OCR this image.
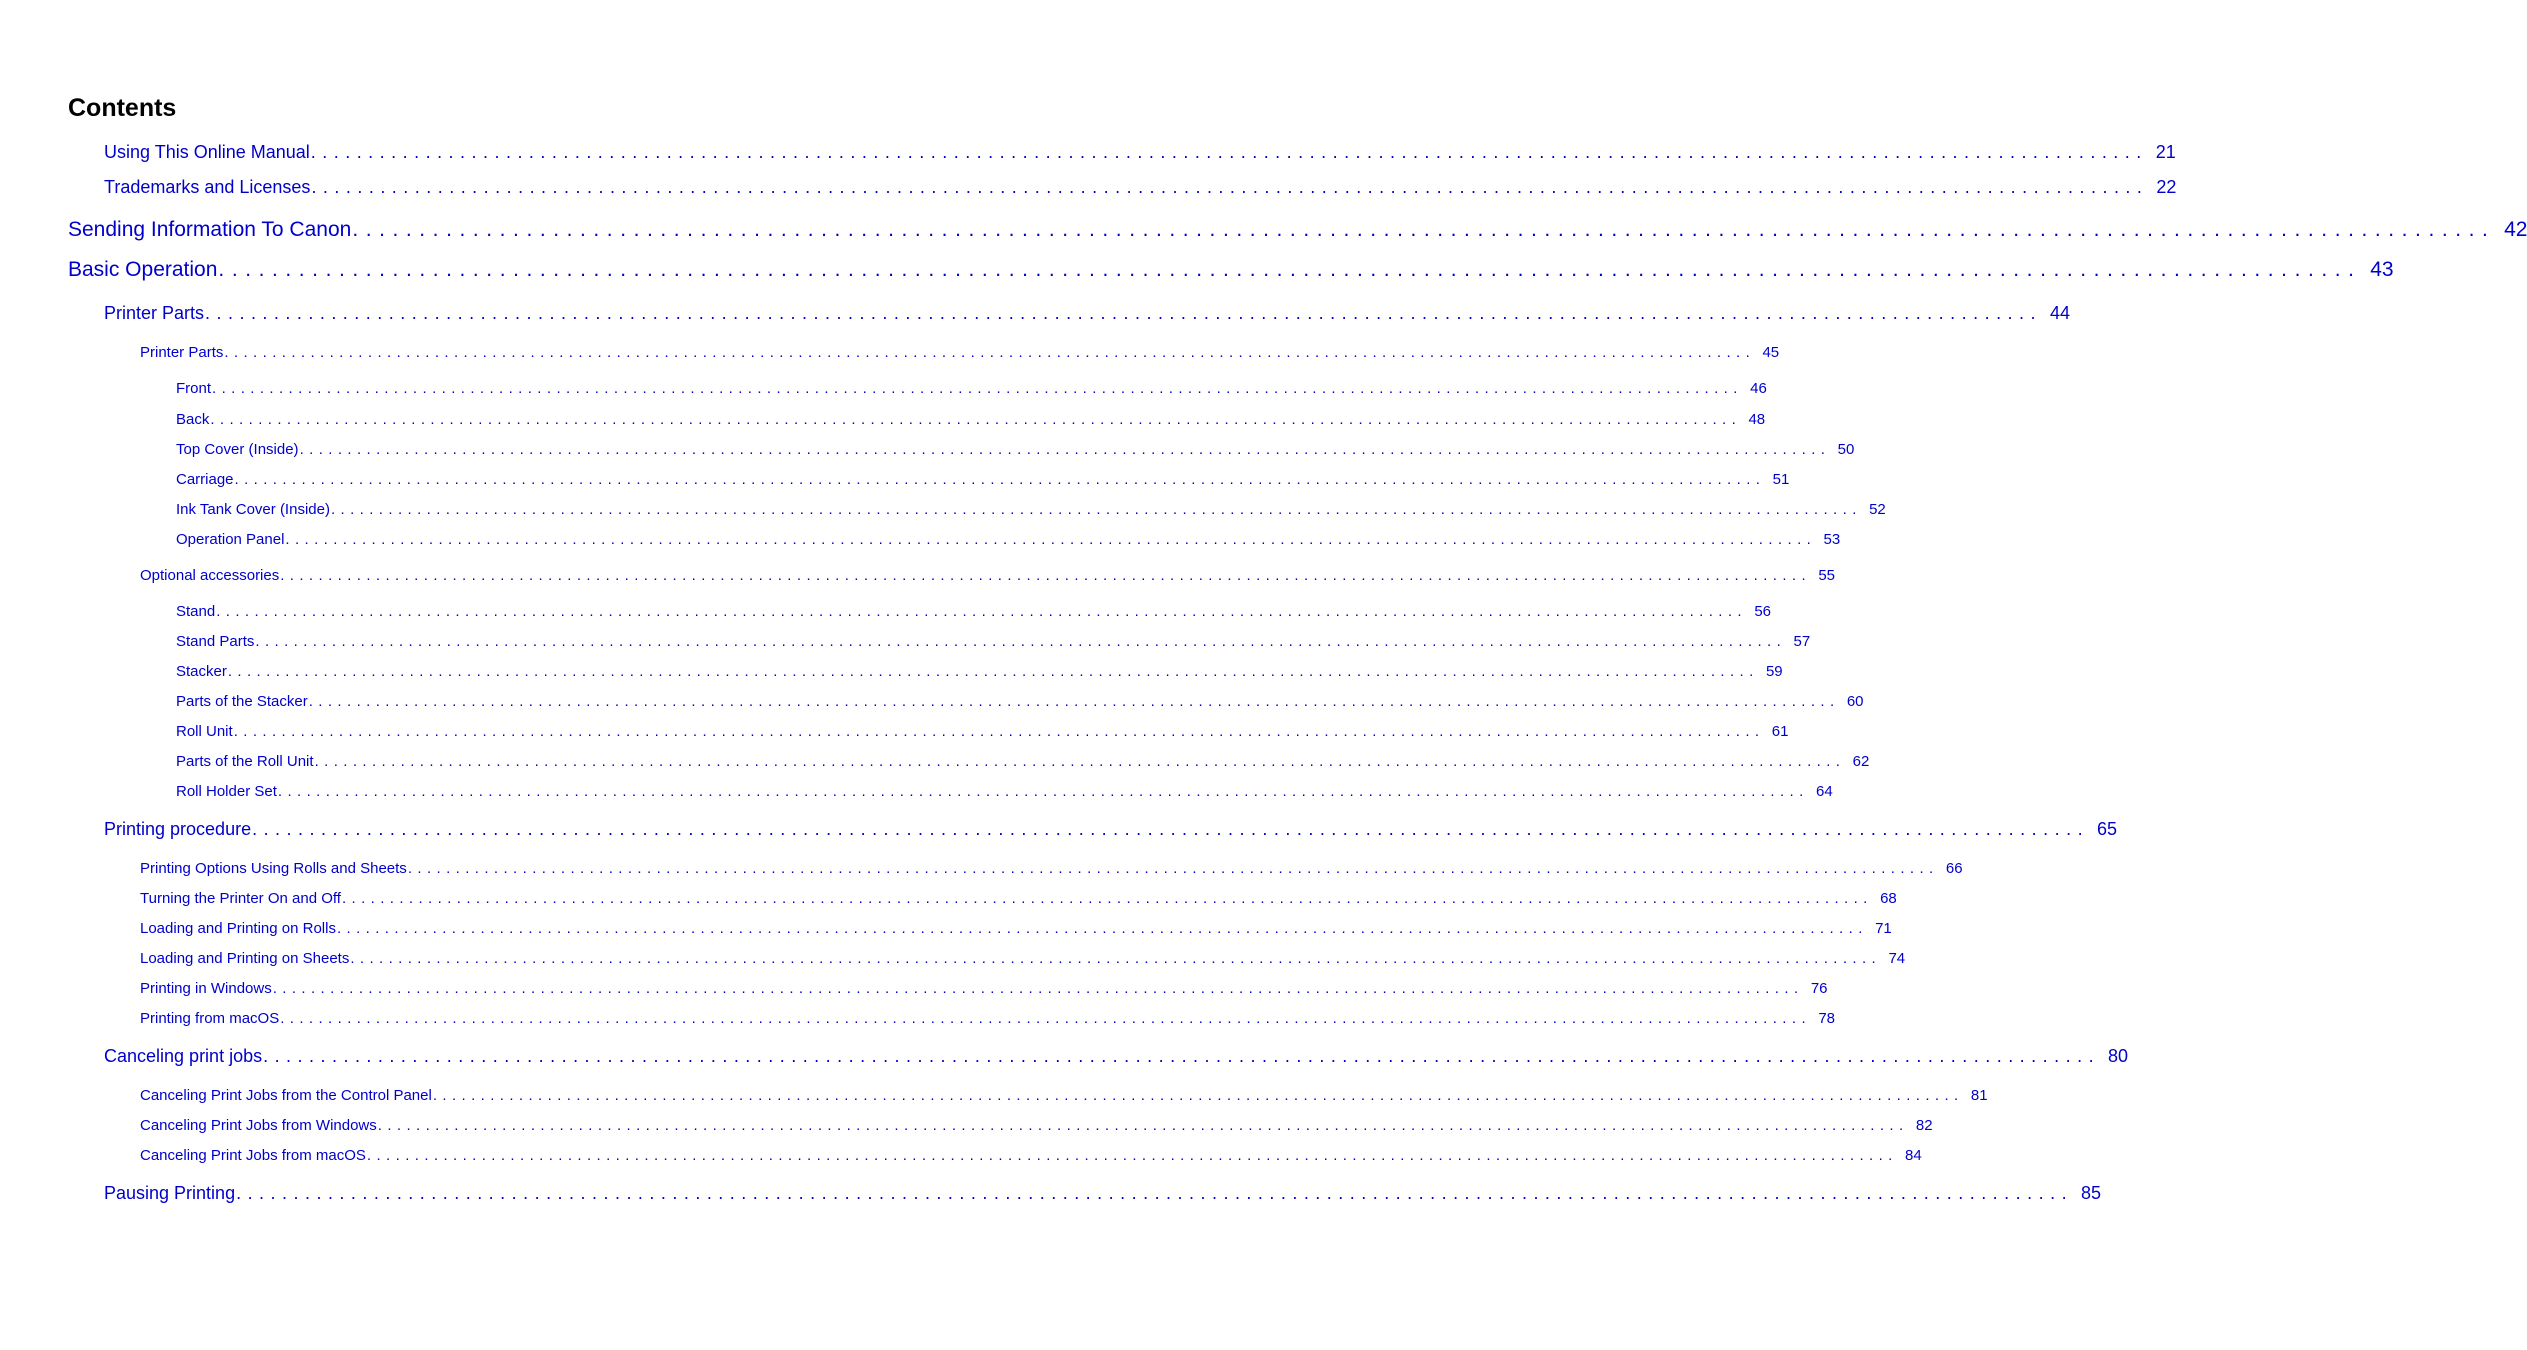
Contents
Using This Online Manual ................................................................................................................................................................ 21
Trademarks and Licenses ................................................................................................................................................................ 22
Sending Information To Canon ................................................................................................................................................................ 42
Basic Operation ................................................................................................................................................................ 43
Printer Parts ................................................................................................................................................................ 44
Printer Parts ................................................................................................................................................................ 45
Front ................................................................................................................................................................ 46
Back ................................................................................................................................................................ 48
Top Cover (Inside) ................................................................................................................................................................ 50
Carriage ................................................................................................................................................................ 51
Ink Tank Cover (Inside) ................................................................................................................................................................ 52
Operation Panel ................................................................................................................................................................ 53
Optional accessories ................................................................................................................................................................ 55
Stand ................................................................................................................................................................ 56
Stand Parts ................................................................................................................................................................ 57
Stacker ................................................................................................................................................................ 59
Parts of the Stacker ................................................................................................................................................................ 60
Roll Unit ................................................................................................................................................................ 61
Parts of the Roll Unit ................................................................................................................................................................ 62
Roll Holder Set ................................................................................................................................................................ 64
Printing procedure ................................................................................................................................................................ 65
Printing Options Using Rolls and Sheets ................................................................................................................................................................ 66
Turning the Printer On and Off ................................................................................................................................................................ 68
Loading and Printing on Rolls ................................................................................................................................................................ 71
Loading and Printing on Sheets ................................................................................................................................................................ 74
Printing in Windows ................................................................................................................................................................ 76
Printing from macOS ................................................................................................................................................................ 78
Canceling print jobs ................................................................................................................................................................ 80
Canceling Print Jobs from the Control Panel ................................................................................................................................................................ 81
Canceling Print Jobs from Windows ................................................................................................................................................................ 82
Canceling Print Jobs from macOS ................................................................................................................................................................ 84
Pausing Printing ................................................................................................................................................................ 85
